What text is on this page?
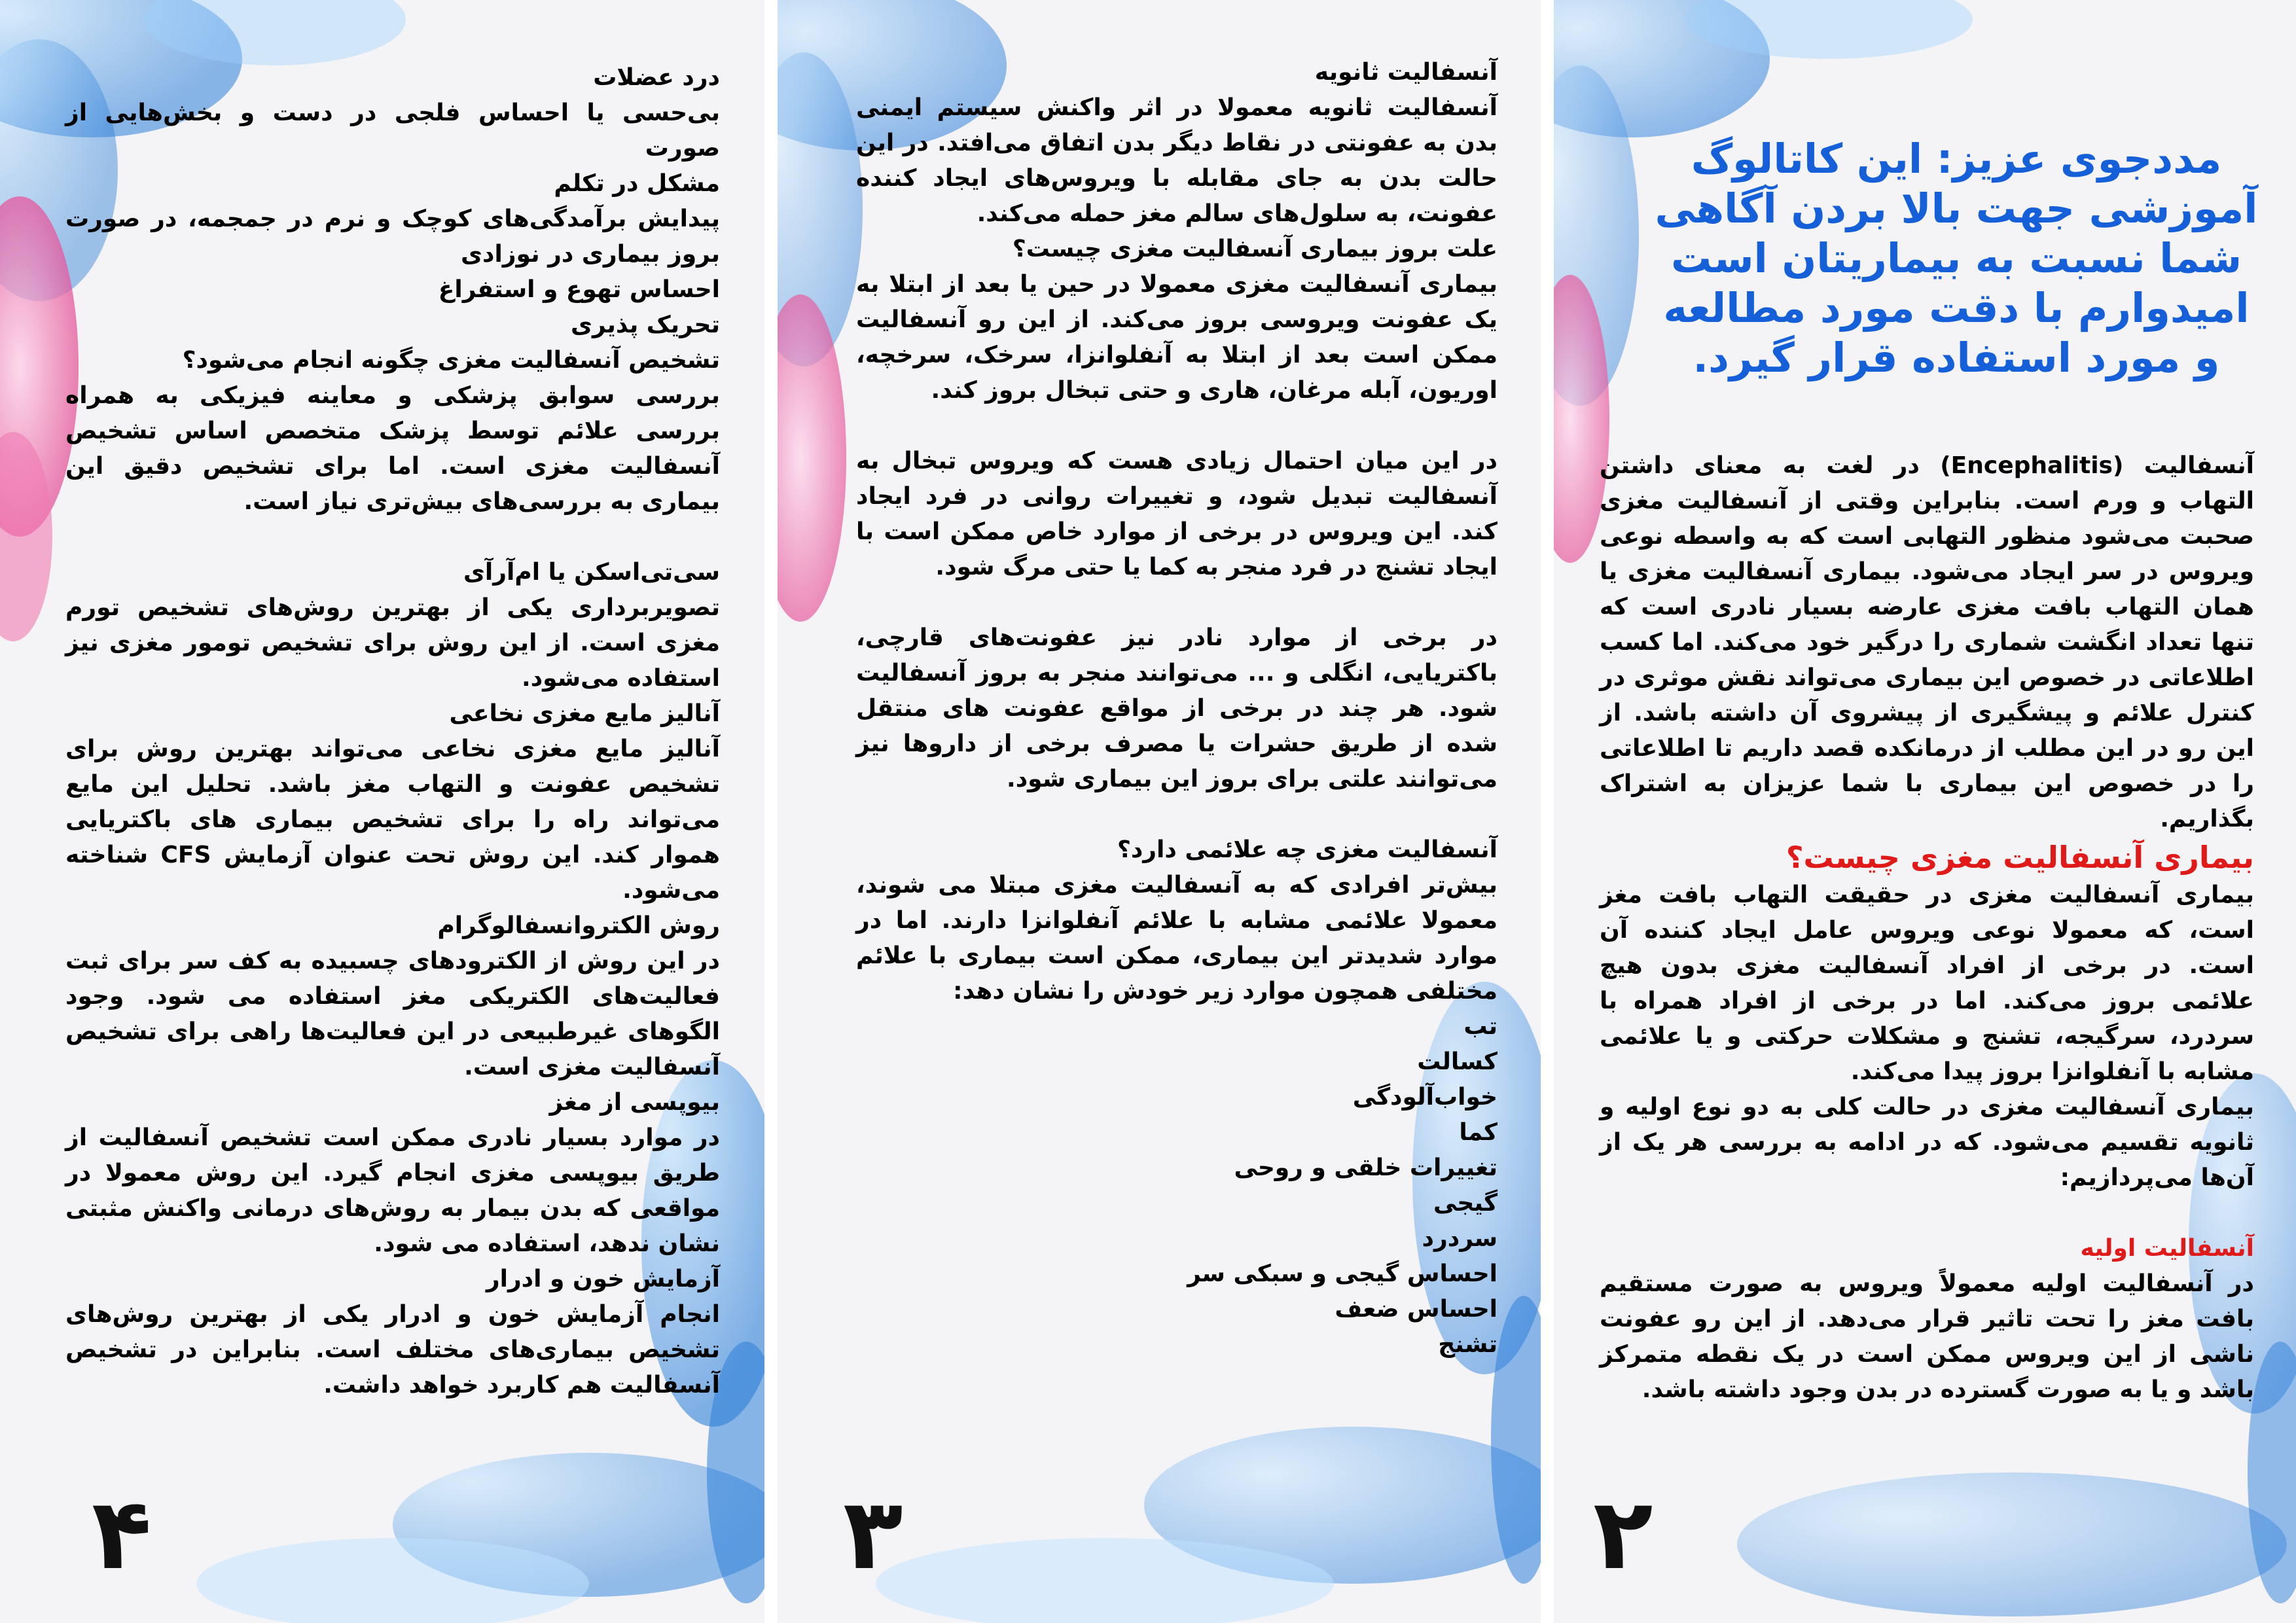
درد عضلات

بی‌حسی یا احساس فلجی در دست و بخش‌هایی از صورت

مشکل در تکلم

پیدایش برآمدگی‌های کوچک و نرم در جمجمه، در صورت بروز بیماری در نوزادی

احساس تهوع و استفراغ

تحریک پذیری

تشخیص آنسفالیت مغزی چگونه انجام می‌شود؟

بررسی سوابق پزشکی و معاینه فیزیکی به همراه بررسی علائم توسط پزشک متخصص اساس تشخیص آنسفالیت مغزی است. اما برای تشخیص دقیق این بیماری به بررسی‌های بیش‌تری نیاز است.

سی‌تی‌اسکن یا ام‌آرآی

تصویربرداری یکی از بهترین روش‌های تشخیص تورم مغزی است. از این روش برای تشخیص تومور مغزی نیز استفاده می‌شود.

آنالیز مایع مغزی نخاعی

آنالیز مایع مغزی نخاعی می‌تواند بهترین روش برای تشخیص عفونت و التهاب مغز باشد. تحلیل این مایع می‌تواند راه را برای تشخیص بیماری های باکتریایی هموار کند. این روش تحت عنوان آزمایش CFS شناخته می‌شود.

روش الکتروانسفالوگرام

در این روش از الکترودهای چسبیده به کف سر برای ثبت فعالیت‌های الکتریکی مغز استفاده می شود. وجود الگوهای غیرطبیعی در این فعالیت‌ها راهی برای تشخیص آنسفالیت مغزی است.

بیوپسی از مغز

در موارد بسیار نادری ممکن است تشخیص آنسفالیت از طریق بیوپسی مغزی انجام گیرد. این روش معمولا در مواقعی که بدن بیمار به روش‌های درمانی واکنش مثبتی نشان ندهد، استفاده می شود.

آزمایش خون و ادرار

انجام آزمایش خون و ادرار یکی از بهترین روش‌های تشخیص بیماری‌های مختلف است. بنابراین در تشخیص آنسفالیت هم کاربرد خواهد داشت.

۴

آنسفالیت ثانویه

آنسفالیت ثانویه معمولا در اثر واکنش سیستم ایمنی بدن به عفونتی در نقاط دیگر بدن اتفاق می‌افتد. در این حالت بدن به جای مقابله با ویروس‌های ایجاد کننده عفونت، به سلول‌های سالم مغز حمله می‌کند.

علت بروز بیماری آنسفالیت مغزی چیست؟

بیماری آنسفالیت مغزی معمولا در حین یا بعد از ابتلا به یک عفونت ویروسی بروز می‌کند. از این رو آنسفالیت ممکن است بعد از ابتلا به آنفلوانزا، سرخک، سرخچه، اوریون، آبله مرغان، هاری و حتی تبخال بروز کند.

در این میان احتمال زیادی هست که ویروس تبخال به آنسفالیت تبدیل شود، و تغییرات روانی در فرد ایجاد کند. این ویروس در برخی از موارد خاص ممکن است با ایجاد تشنج در فرد منجر به کما یا حتی مرگ شود.

در برخی از موارد نادر نیز عفونت‌های قارچی، باکتریایی، انگلی و ... می‌توانند منجر به بروز آنسفالیت شود. هر چند در برخی از مواقع عفونت های منتقل شده از طریق حشرات یا مصرف برخی از داروها نیز می‌توانند علتی برای بروز این بیماری شود.

آنسفالیت مغزی چه علائمی دارد؟

بیش‌تر افرادی که به آنسفالیت مغزی مبتلا می شوند، معمولا علائمی مشابه با علائم آنفلوانزا دارند. اما در موارد شدیدتر این بیماری، ممکن است بیماری با علائم مختلفی همچون موارد زیر خودش را نشان دهد:

تب

کسالت

خواب‌آلودگی

کما

تغییرات خلقی و روحی

گیجی

سردرد

احساس گیجی و سبکی سر

احساس ضعف

تشنج

۳
مددجوی عزیز: این کاتالوگ آموزشی جهت بالا بردن آگاهی شما نسبت به بیماریتان است امیدوارم با دقت مورد مطالعه و مورد استفاده قرار گیرد.

آنسفالیت (Encephalitis) در لغت به معنای داشتن التهاب و ورم است. بنابراین وقتی از آنسفالیت مغزی صحبت می‌شود منظور التهابی است که به واسطه نوعی ویروس در سر ایجاد می‌شود. بیماری آنسفالیت مغزی یا همان التهاب بافت مغزی عارضه بسیار نادری است که تنها تعداد انگشت شماری را درگیر خود می‌کند. اما کسب اطلاعاتی در خصوص این بیماری می‌تواند نقش موثری در کنترل علائم و پیشگیری از پیشروی آن داشته باشد. از این رو در این مطلب از درمانکده قصد داریم تا اطلاعاتی را در خصوص این بیماری با شما عزیزان به اشتراک بگذاریم.

بیماری آنسفالیت مغزی چیست؟

بیماری آنسفالیت مغزی در حقیقت التهاب بافت مغز است، که معمولا نوعی ویروس عامل ایجاد کننده آن است. در برخی از افراد آنسفالیت مغزی بدون هیچ علائمی بروز می‌کند. اما در برخی از افراد همراه با سردرد، سرگیجه، تشنج و مشکلات حرکتی و یا علائمی مشابه با آنفلوانزا بروز پیدا می‌کند.

بیماری آنسفالیت مغزی در حالت کلی به دو نوع اولیه و ثانویه تقسیم می‌شود. که در ادامه به بررسی هر یک از آن‌ها می‌پردازیم:

آنسفالیت اولیه

در آنسفالیت اولیه معمولاً ویروس به صورت مستقیم بافت مغز را تحت تاثیر قرار می‌دهد. از این رو عفونت ناشی از این ویروس ممکن است در یک نقطه متمرکز باشد و یا به صورت گسترده در بدن وجود داشته باشد.

۲
